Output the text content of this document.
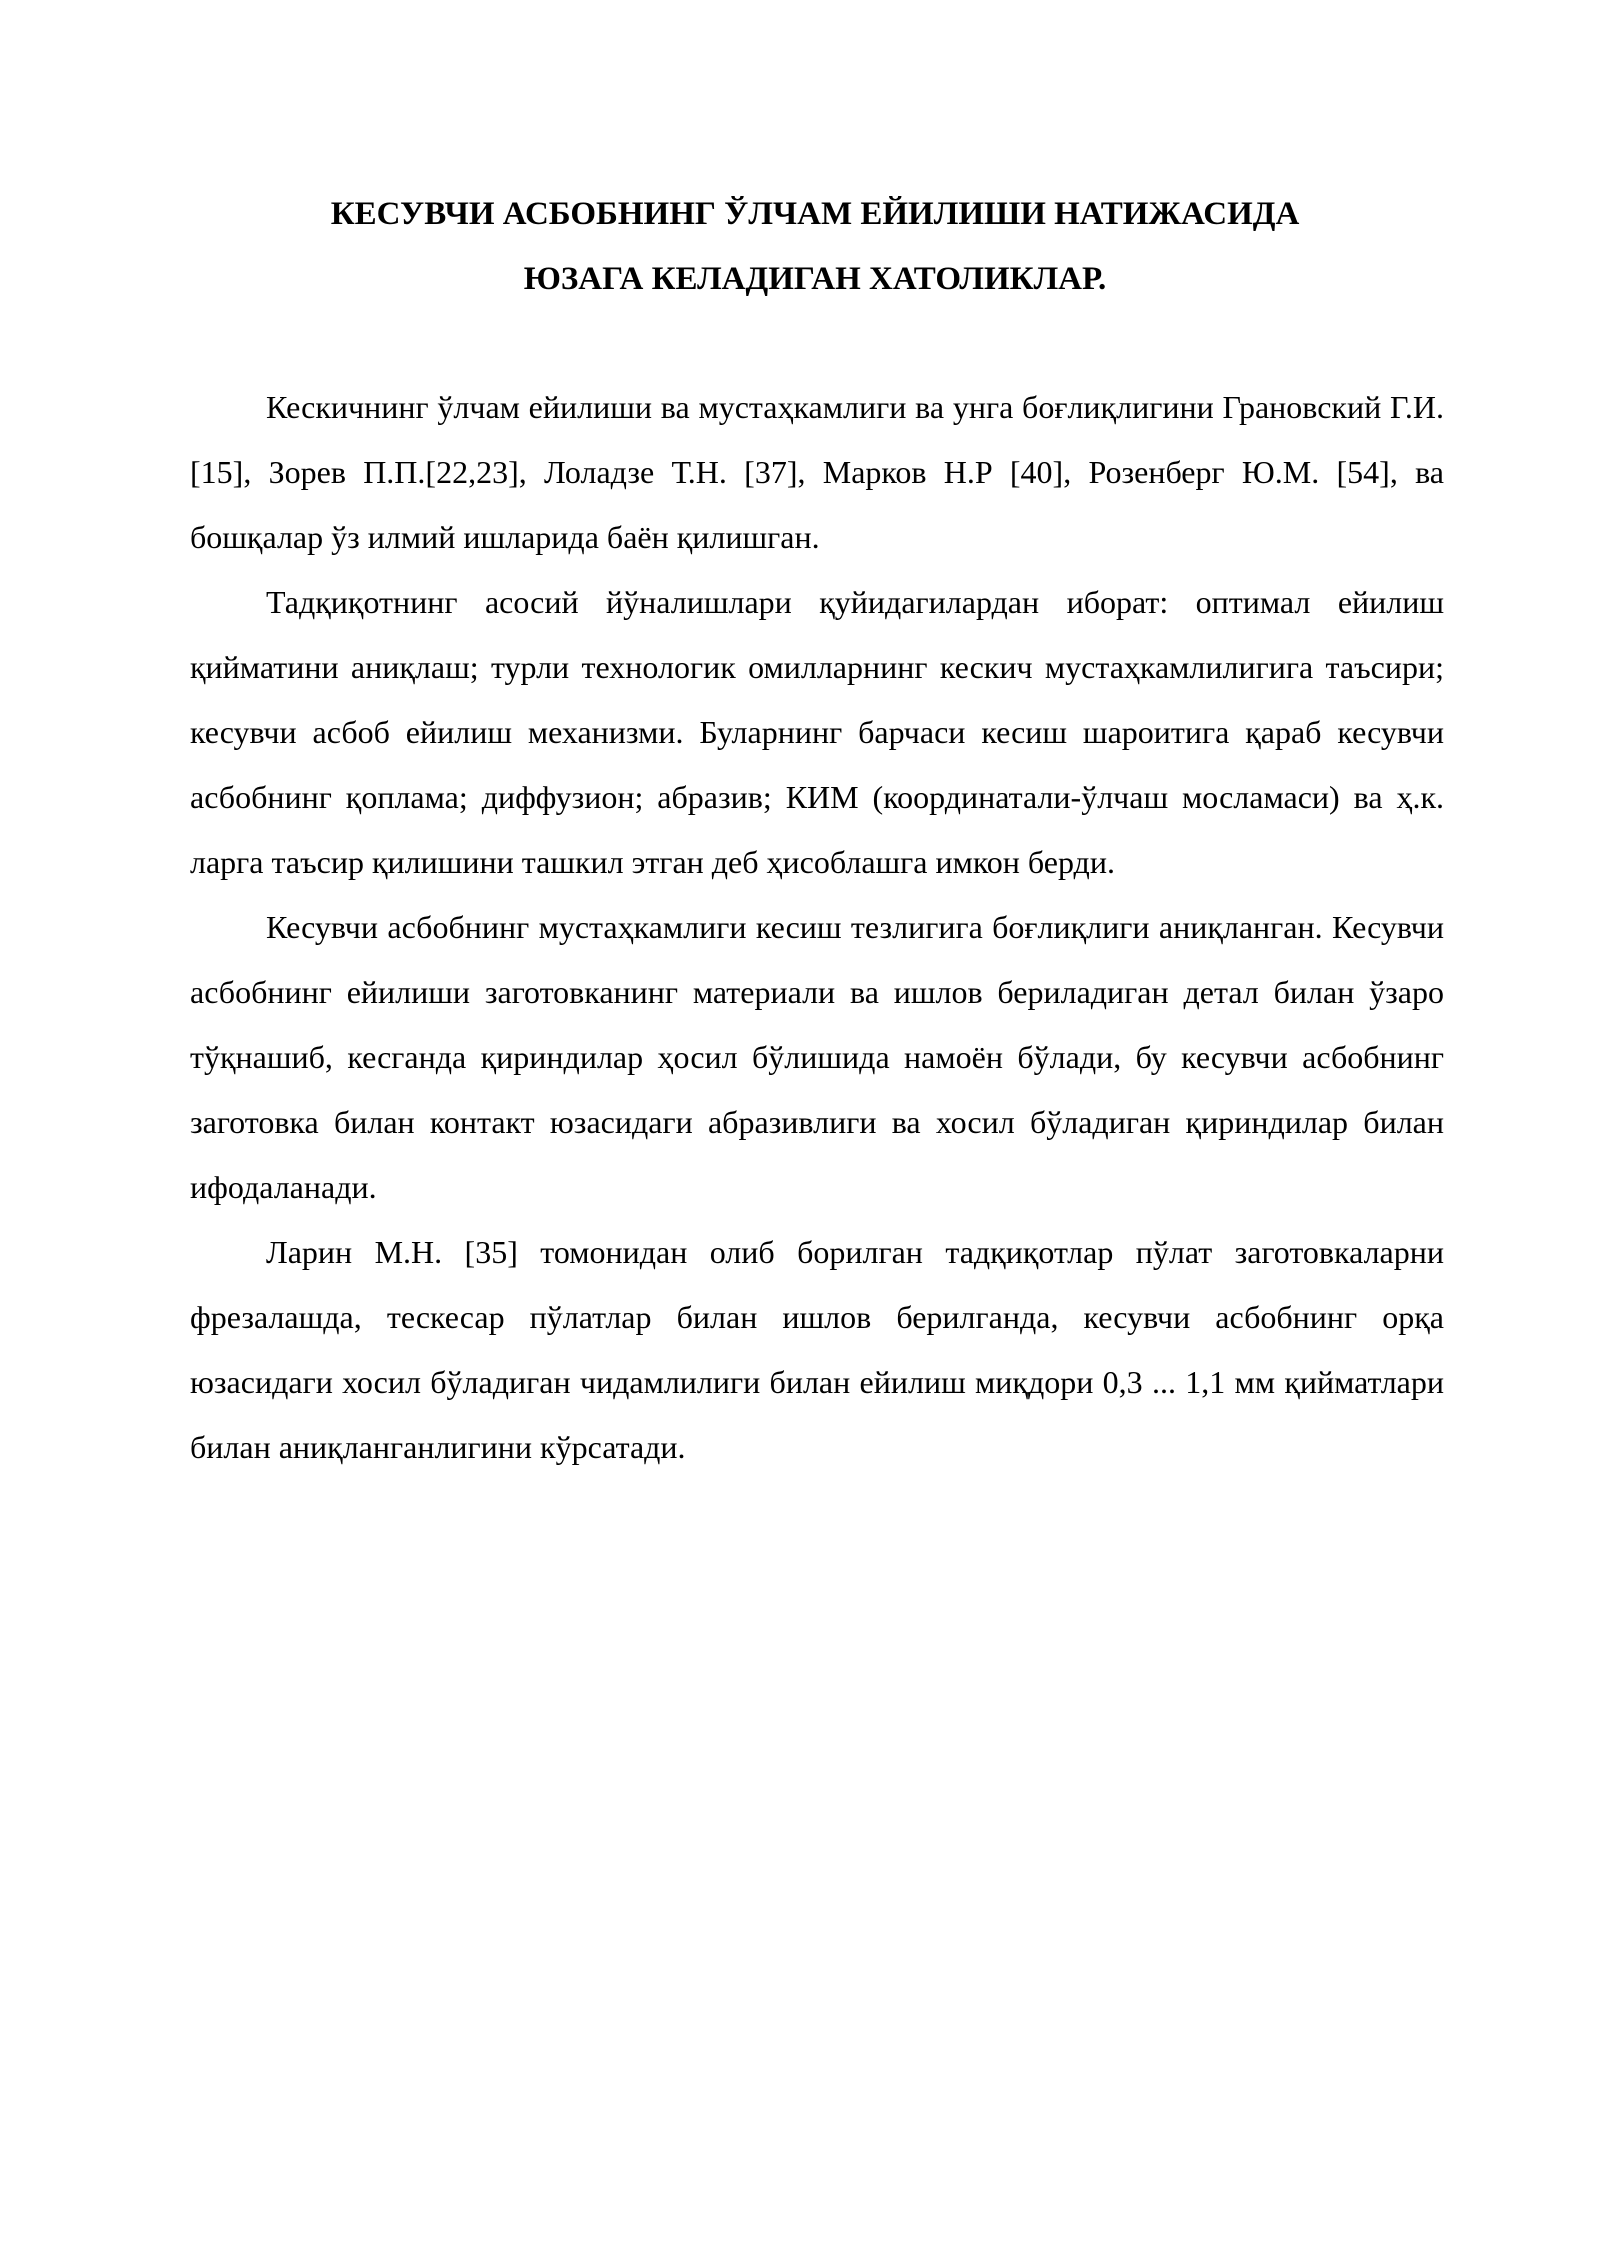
КЕСУВЧИ АСБОБНИНГ ЎЛЧАМ ЕЙИЛИШИ НАТИЖАСИДА
ЮЗАГА КЕЛАДИГАН ХАТОЛИКЛАР.

Кескичнинг ўлчам ейилиши ва мустаҳкамлиги ва унга боғлиқлигини Грановский Г.И. [15], Зорев П.П.[22,23], Лоладзе Т.Н. [37], Марков Н.Р [40], Розенберг Ю.М. [54], ва бошқалар ўз илмий ишларида баён қилишган.

Тадқиқотнинг асосий йўналишлари қуйидагилардан иборат: оптимал ейилиш қийматини аниқлаш; турли технологик омилларнинг кескич мустаҳкамлилигига таъсири; кесувчи асбоб ейилиш механизми. Буларнинг барчаси кесиш шароитига қараб кесувчи асбобнинг қоплама; диффузион; абразив; КИМ (координатали-ўлчаш мосламаси) ва ҳ.к. ларга таъсир қилишини ташкил этган деб ҳисоблашга имкон берди.

Кесувчи асбобнинг мустаҳкамлиги кесиш тезлигига боғлиқлиги аниқланган. Кесувчи асбобнинг ейилиши заготовканинг материали ва ишлов бериладиган детал билан ўзаро тўқнашиб, кесганда қириндилар ҳосил бўлишида намоён бўлади, бу кесувчи асбобнинг заготовка билан контакт юзасидаги абразивлиги ва хосил бўладиган қириндилар билан ифодаланади.

Ларин М.Н. [35] томонидан олиб борилган тадқиқотлар пўлат заготовкаларни фрезалашда, тескесар пўлатлар билан ишлов берилганда, кесувчи асбобнинг орқа юзасидаги хосил бўладиган чидамлилиги билан ейилиш миқдори 0,3 ... 1,1 мм қийматлари билан аниқланганлигини кўрсатади.
